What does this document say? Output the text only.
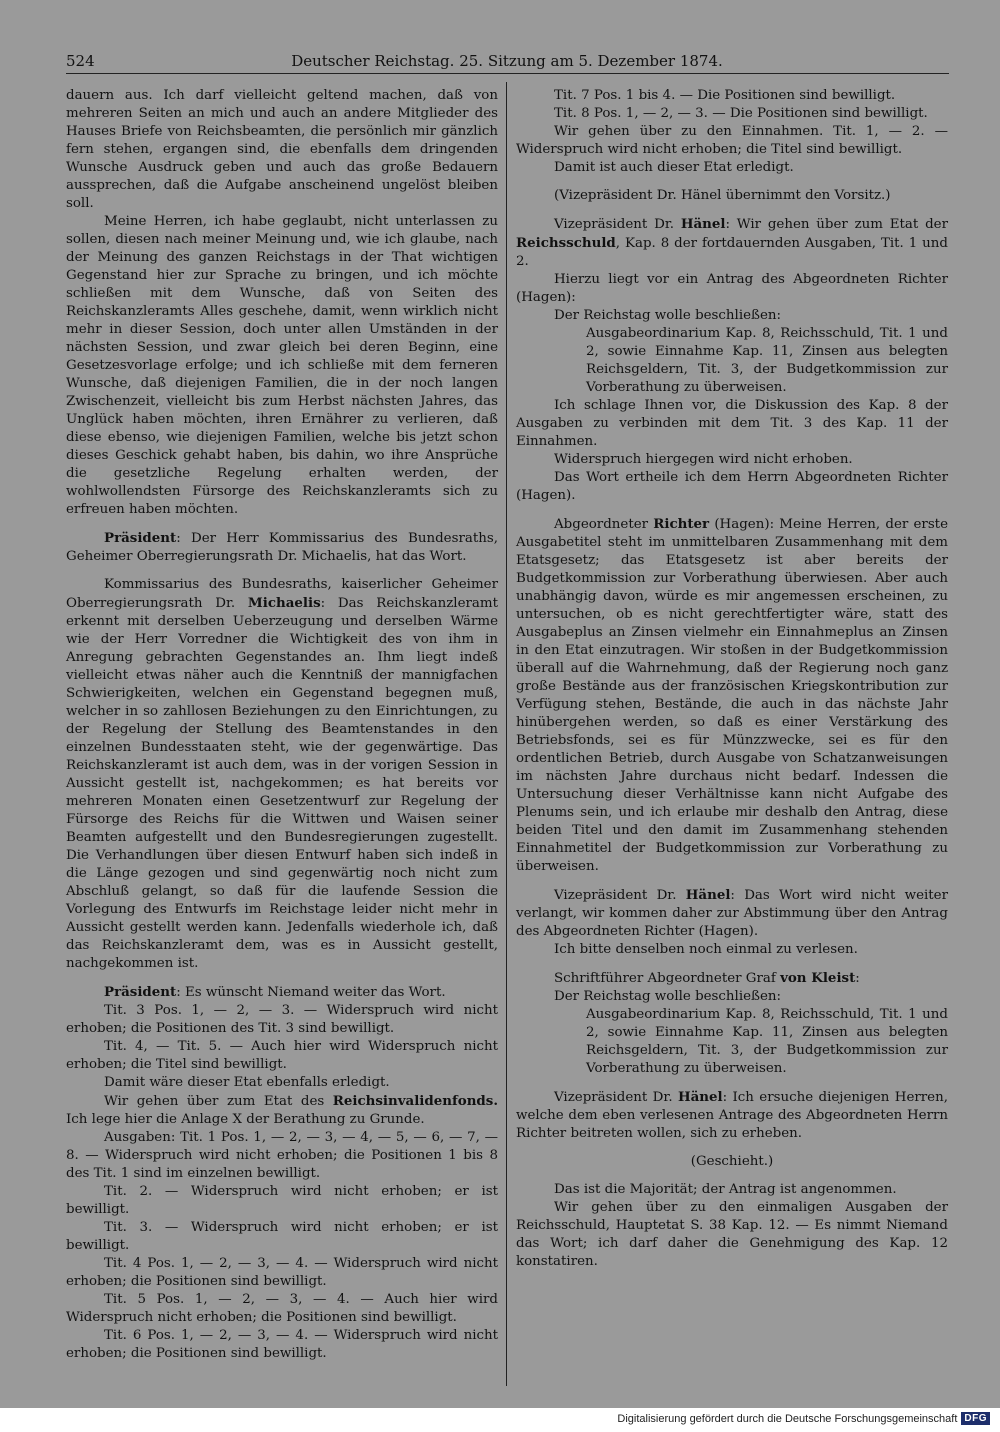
524	Deutscher Reichstag. 25. Sitzung am 5. Dezember 1874.

dauern aus. Ich darf vielleicht geltend machen, daß von mehreren Seiten an mich und auch an andere Mitglieder des Hauses Briefe von Reichsbeamten, die persönlich mir gänzlich fern stehen, ergangen sind, die ebenfalls dem dringenden Wunsche Ausdruck geben und auch das große Bedauern aussprechen, daß die Aufgabe anscheinend ungelöst bleiben soll.

Meine Herren, ich habe geglaubt, nicht unterlassen zu sollen, diesen nach meiner Meinung und, wie ich glaube, nach der Meinung des ganzen Reichstags in der That wichtigen Gegenstand hier zur Sprache zu bringen, und ich möchte schließen mit dem Wunsche, daß von Seiten des Reichskanzleramts Alles geschehe, damit, wenn wirklich nicht mehr in dieser Session, doch unter allen Umständen in der nächsten Session, und zwar gleich bei deren Beginn, eine Gesetzesvorlage erfolge; und ich schließe mit dem ferneren Wunsche, daß diejenigen Familien, die in der noch langen Zwischenzeit, vielleicht bis zum Herbst nächsten Jahres, das Unglück haben möchten, ihren Ernährer zu verlieren, daß diese ebenso, wie diejenigen Familien, welche bis jetzt schon dieses Geschick gehabt haben, bis dahin, wo ihre Ansprüche die gesetzliche Regelung erhalten werden, der wohlwollendsten Fürsorge des Reichskanzleramts sich zu erfreuen haben möchten.

Präsident: Der Herr Kommissarius des Bundesraths, Geheimer Oberregierungsrath Dr. Michaelis, hat das Wort.

Kommissarius des Bundesraths, kaiserlicher Geheimer Oberregierungsrath Dr. Michaelis: Das Reichskanzleramt erkennt mit derselben Ueberzeugung und derselben Wärme wie der Herr Vorredner die Wichtigkeit des von ihm in Anregung gebrachten Gegenstandes an. Ihm liegt indeß vielleicht etwas näher auch die Kenntniß der mannigfachen Schwierigkeiten, welchen ein Gegenstand begegnen muß, welcher in so zahllosen Beziehungen zu den Einrichtungen, zu der Regelung der Stellung des Beamtenstandes in den einzelnen Bundesstaaten steht, wie der gegenwärtige. Das Reichskanzleramt ist auch dem, was in der vorigen Session in Aussicht gestellt ist, nachgekommen; es hat bereits vor mehreren Monaten einen Gesetzentwurf zur Regelung der Fürsorge des Reichs für die Wittwen und Waisen seiner Beamten aufgestellt und den Bundesregierungen zugestellt. Die Verhandlungen über diesen Entwurf haben sich indeß in die Länge gezogen und sind gegenwärtig noch nicht zum Abschluß gelangt, so daß für die laufende Session die Vorlegung des Entwurfs im Reichstage leider nicht mehr in Aussicht gestellt werden kann. Jedenfalls wiederhole ich, daß das Reichskanzleramt dem, was es in Aussicht gestellt, nachgekommen ist.

Präsident: Es wünscht Niemand weiter das Wort.

Tit. 3 Pos. 1, — 2, — 3. — Widerspruch wird nicht erhoben; die Positionen des Tit. 3 sind bewilligt.

Tit. 4, — Tit. 5. — Auch hier wird Widerspruch nicht erhoben; die Titel sind bewilligt.

Damit wäre dieser Etat ebenfalls erledigt.

Wir gehen über zum Etat des Reichsinvalidenfonds. Ich lege hier die Anlage X der Berathung zu Grunde.

Ausgaben: Tit. 1 Pos. 1, — 2, — 3, — 4, — 5, — 6, — 7, — 8. — Widerspruch wird nicht erhoben; die Positionen 1 bis 8 des Tit. 1 sind im einzelnen bewilligt.

Tit. 2. — Widerspruch wird nicht erhoben; er ist bewilligt.

Tit. 3. — Widerspruch wird nicht erhoben; er ist bewilligt.

Tit. 4 Pos. 1, — 2, — 3, — 4. — Widerspruch wird nicht erhoben; die Positionen sind bewilligt.

Tit. 5 Pos. 1, — 2, — 3, — 4. — Auch hier wird Widerspruch nicht erhoben; die Positionen sind bewilligt.

Tit. 6 Pos. 1, — 2, — 3, — 4. — Widerspruch wird nicht erhoben; die Positionen sind bewilligt.

Tit. 7 Pos. 1 bis 4. — Die Positionen sind bewilligt.

Tit. 8 Pos. 1, — 2, — 3. — Die Positionen sind bewilligt.

Wir gehen über zu den Einnahmen. Tit. 1, — 2. — Widerspruch wird nicht erhoben; die Titel sind bewilligt.

Damit ist auch dieser Etat erledigt.

(Vizepräsident Dr. Hänel übernimmt den Vorsitz.)

Vizepräsident Dr. Hänel: Wir gehen über zum Etat der Reichsschuld, Kap. 8 der fortdauernden Ausgaben, Tit. 1 und 2.

Hierzu liegt vor ein Antrag des Abgeordneten Richter (Hagen):

Der Reichstag wolle beschließen:

Ausgabeordinarium Kap. 8, Reichsschuld, Tit. 1 und 2, sowie Einnahme Kap. 11, Zinsen aus belegten Reichsgeldern, Tit. 3, der Budgetkommission zur Vorberathung zu überweisen.

Ich schlage Ihnen vor, die Diskussion des Kap. 8 der Ausgaben zu verbinden mit dem Tit. 3 des Kap. 11 der Einnahmen.

Widerspruch hiergegen wird nicht erhoben.

Das Wort ertheile ich dem Herrn Abgeordneten Richter (Hagen).

Abgeordneter Richter (Hagen): Meine Herren, der erste Ausgabetitel steht im unmittelbaren Zusammenhang mit dem Etatsgesetz; das Etatsgesetz ist aber bereits der Budgetkommission zur Vorberathung überwiesen. Aber auch unabhängig davon, würde es mir angemessen erscheinen, zu untersuchen, ob es nicht gerechtfertigter wäre, statt des Ausgabeplus an Zinsen vielmehr ein Einnahmeplus an Zinsen in den Etat einzutragen. Wir stoßen in der Budgetkommission überall auf die Wahrnehmung, daß der Regierung noch ganz große Bestände aus der französischen Kriegskontribution zur Verfügung stehen, Bestände, die auch in das nächste Jahr hinübergehen werden, so daß es einer Verstärkung des Betriebsfonds, sei es für Münzzwecke, sei es für den ordentlichen Betrieb, durch Ausgabe von Schatzanweisungen im nächsten Jahre durchaus nicht bedarf. Indessen die Untersuchung dieser Verhältnisse kann nicht Aufgabe des Plenums sein, und ich erlaube mir deshalb den Antrag, diese beiden Titel und den damit im Zusammenhang stehenden Einnahmetitel der Budgetkommission zur Vorberathung zu überweisen.

Vizepräsident Dr. Hänel: Das Wort wird nicht weiter verlangt, wir kommen daher zur Abstimmung über den Antrag des Abgeordneten Richter (Hagen).

Ich bitte denselben noch einmal zu verlesen.

Schriftführer Abgeordneter Graf von Kleist:

Der Reichstag wolle beschließen:

Ausgabeordinarium Kap. 8, Reichsschuld, Tit. 1 und 2, sowie Einnahme Kap. 11, Zinsen aus belegten Reichsgeldern, Tit. 3, der Budgetkommission zur Vorberathung zu überweisen.

Vizepräsident Dr. Hänel: Ich ersuche diejenigen Herren, welche dem eben verlesenen Antrage des Abgeordneten Herrn Richter beitreten wollen, sich zu erheben.

(Geschieht.)

Das ist die Majorität; der Antrag ist angenommen.

Wir gehen über zu den einmaligen Ausgaben der Reichsschuld, Hauptetat S. 38 Kap. 12. — Es nimmt Niemand das Wort; ich darf daher die Genehmigung des Kap. 12 konstatiren.

Digitalisierung gefördert durch die Deutsche Forschungsgemeinschaft DFG
